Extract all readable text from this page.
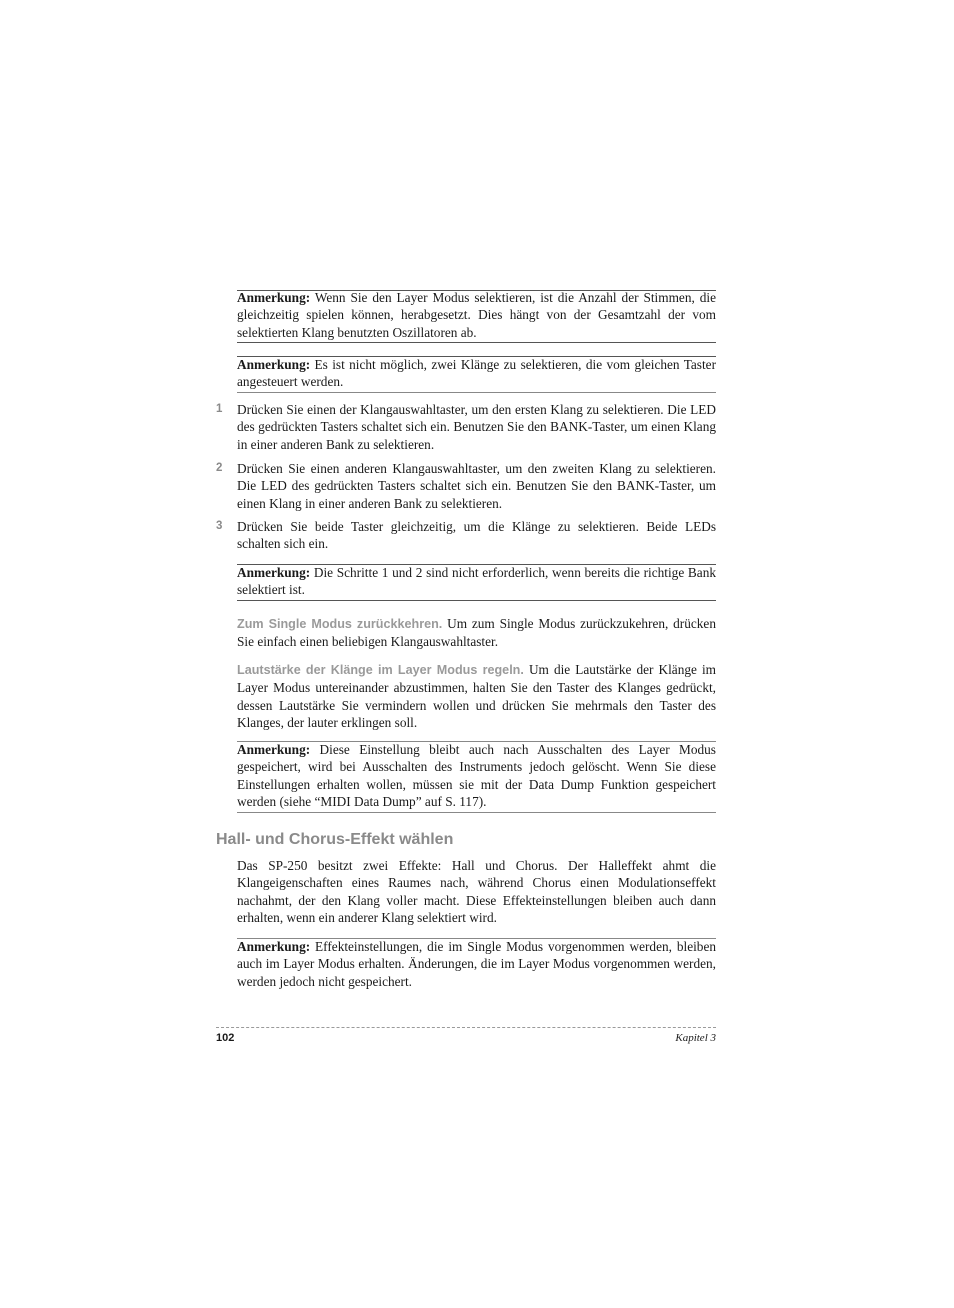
Anmerkung: Wenn Sie den Layer Modus selektieren, ist die Anzahl der Stimmen, die gleichzeitig spielen können, herabgesetzt. Dies hängt von der Gesamtzahl der vom selektierten Klang benutzten Oszillatoren ab.
Anmerkung: Es ist nicht möglich, zwei Klänge zu selektieren, die vom gleichen Taster angesteuert werden.
1 Drücken Sie einen der Klangauswahltaster, um den ersten Klang zu selektieren. Die LED des gedrückten Tasters schaltet sich ein. Benutzen Sie den BANK-Taster, um einen Klang in einer anderen Bank zu selektieren.
2 Drücken Sie einen anderen Klangauswahltaster, um den zweiten Klang zu selektieren. Die LED des gedrückten Tasters schaltet sich ein. Benutzen Sie den BANK-Taster, um einen Klang in einer anderen Bank zu selektieren.
3 Drücken Sie beide Taster gleichzeitig, um die Klänge zu selektieren. Beide LEDs schalten sich ein.
Anmerkung: Die Schritte 1 und 2 sind nicht erforderlich, wenn bereits die richtige Bank selektiert ist.
Zum Single Modus zurückkehren. Um zum Single Modus zurückzukehren, drücken Sie einfach einen beliebigen Klangauswahltaster.
Lautstärke der Klänge im Layer Modus regeln. Um die Lautstärke der Klänge im Layer Modus untereinander abzustimmen, halten Sie den Taster des Klanges gedrückt, dessen Lautstärke Sie vermindern wollen und drücken Sie mehrmals den Taster des Klanges, der lauter erklingen soll.
Anmerkung: Diese Einstellung bleibt auch nach Ausschalten des Layer Modus gespeichert, wird bei Ausschalten des Instruments jedoch gelöscht. Wenn Sie diese Einstellungen erhalten wollen, müssen sie mit der Data Dump Funktion gespeichert werden (siehe “MIDI Data Dump” auf S. 117).
Hall- und Chorus-Effekt wählen
Das SP-250 besitzt zwei Effekte: Hall und Chorus. Der Halleffekt ahmt die Klangeigenschaften eines Raumes nach, während Chorus einen Modulationseffekt nachahmt, der den Klang voller macht. Diese Effekteinstellungen bleiben auch dann erhalten, wenn ein anderer Klang selektiert wird.
Anmerkung: Effekteinstellungen, die im Single Modus vorgenommen werden, bleiben auch im Layer Modus erhalten. Änderungen, die im Layer Modus vorgenommen werden, werden jedoch nicht gespeichert.
102	Kapitel 3
